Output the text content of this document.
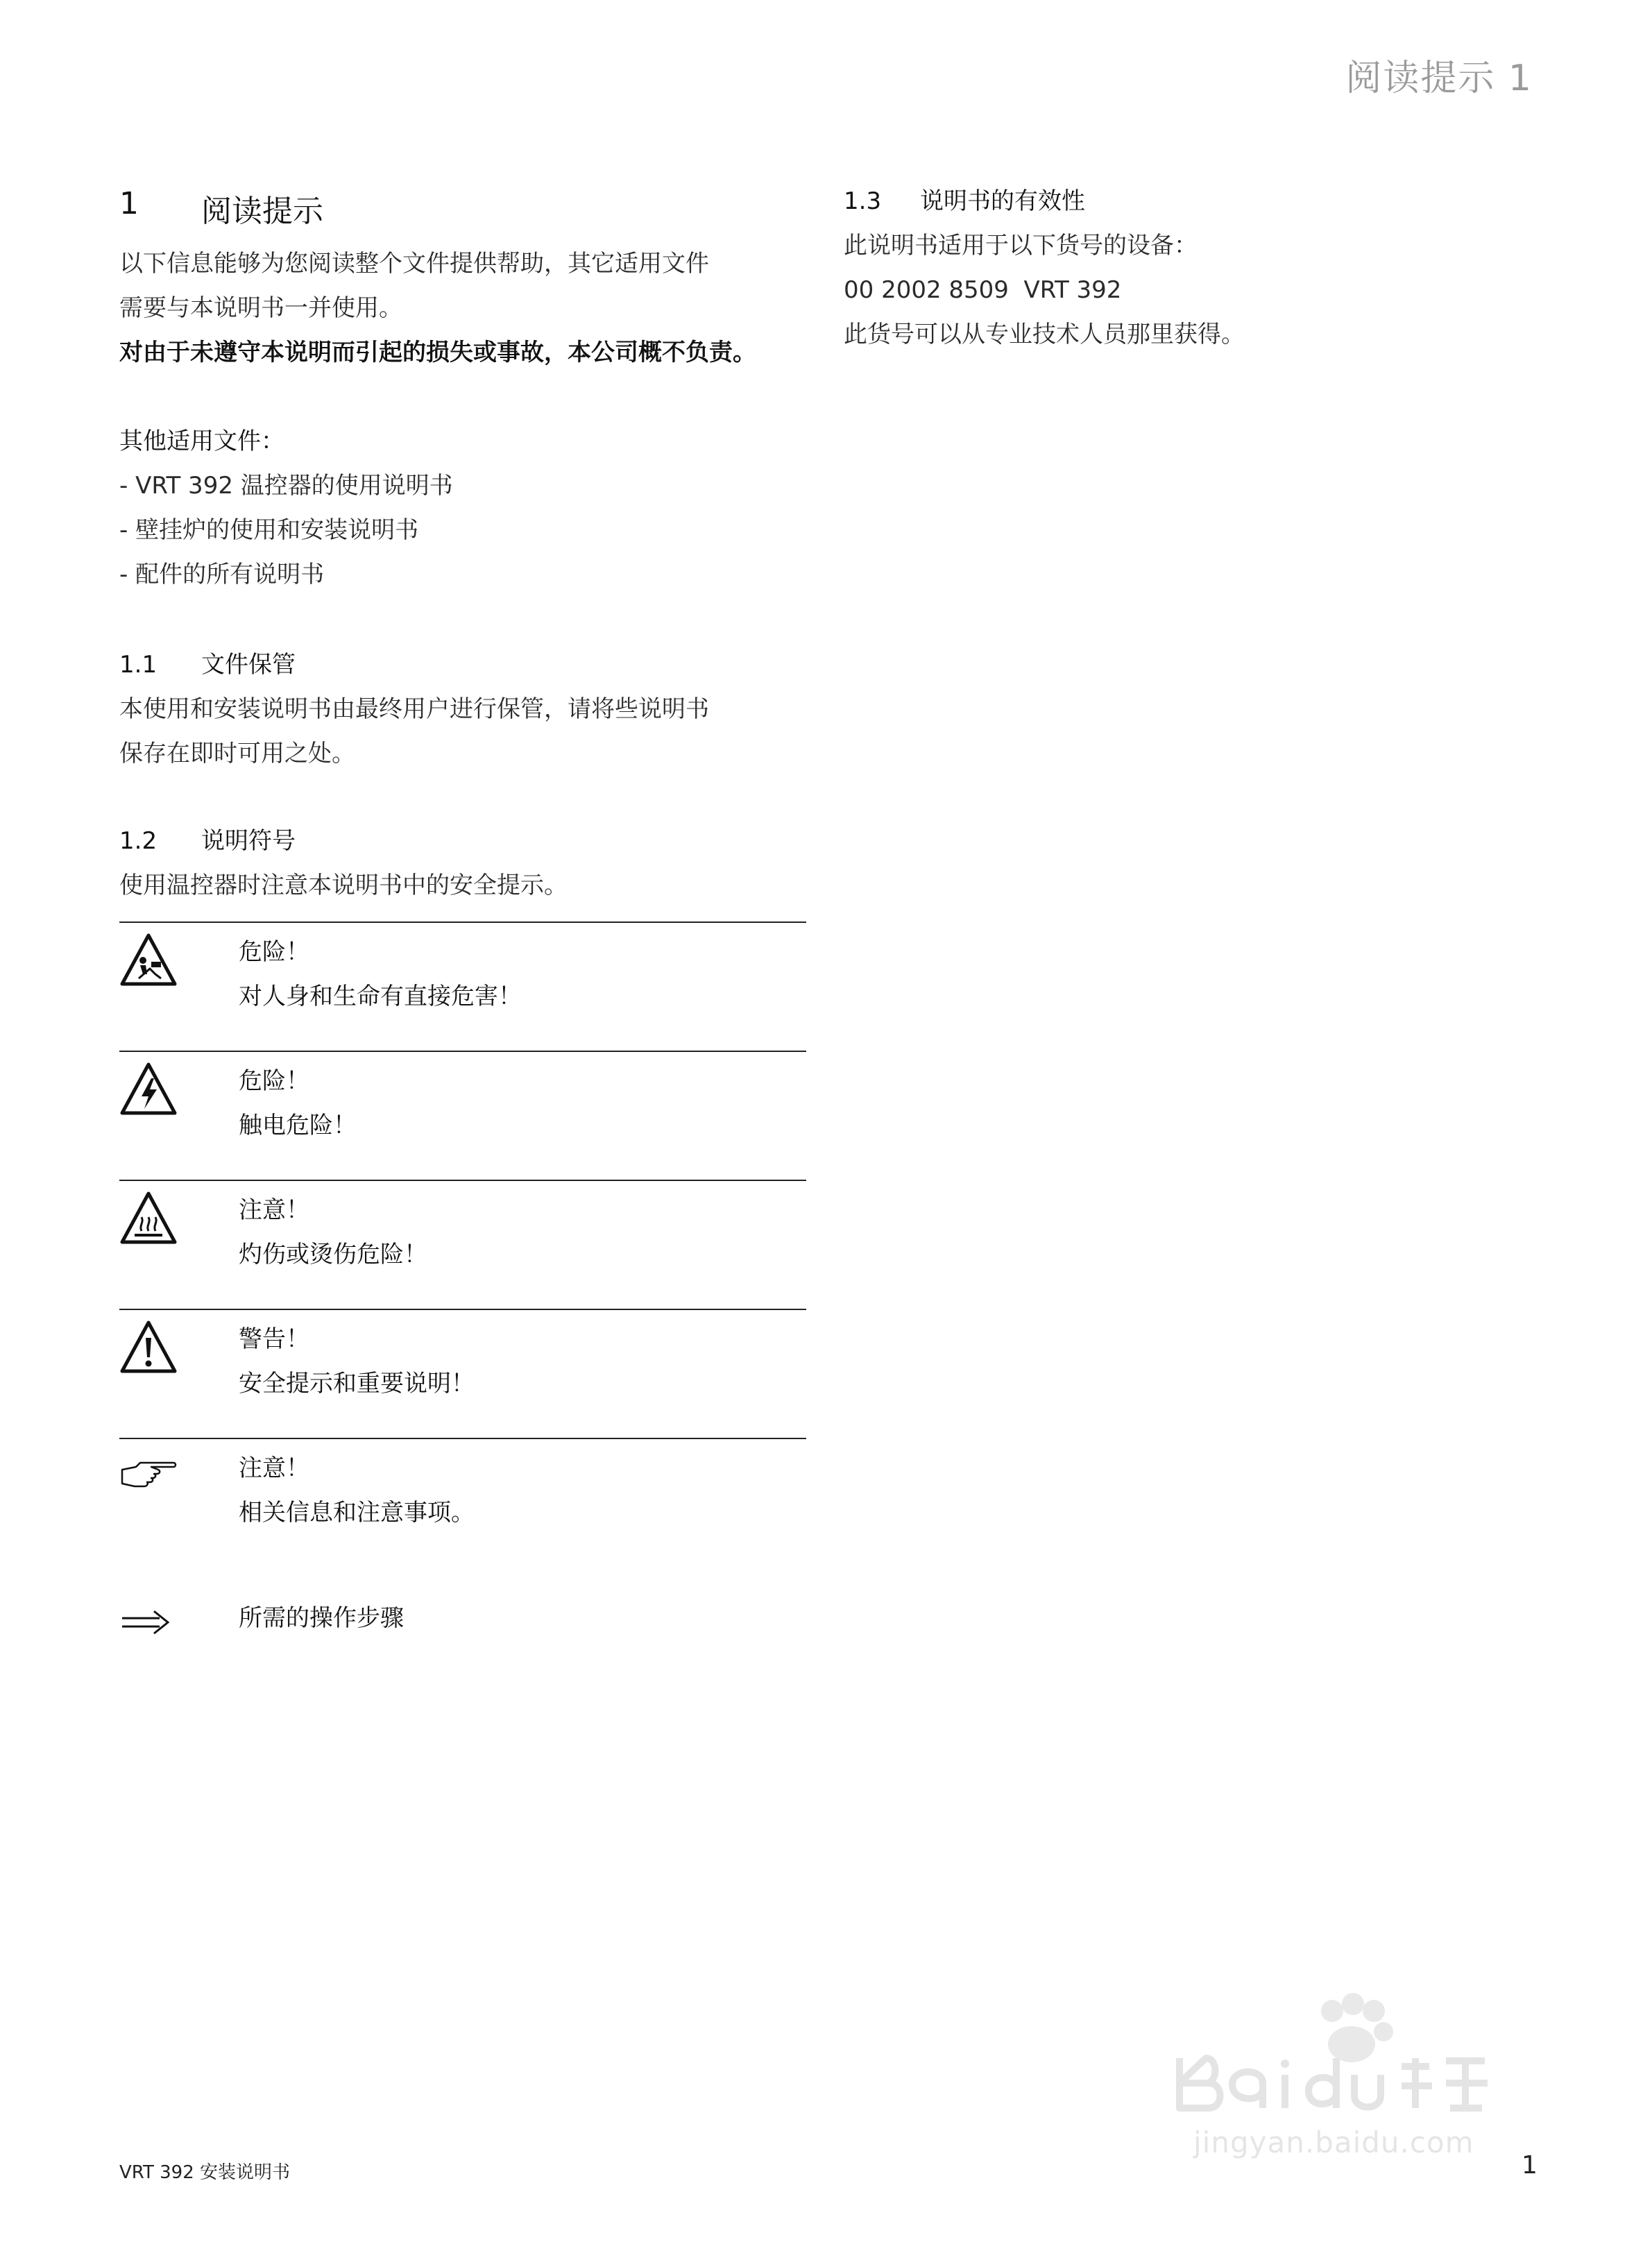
阅读提示 1
1	阅读提示
以下信息能够为您阅读整个文件提供帮助，其它适用文件
需要与本说明书一并使用。
对由于未遵守本说明而引起的损失或事故，本公司概不负责。
其他适用文件：
- VRT 392 温控器的使用说明书
- 壁挂炉的使用和安装说明书
- 配件的所有说明书
1.1	文件保管
本使用和安装说明书由最终用户进行保管，请将些说明书
保存在即时可用之处。
1.2	说明符号
使用温控器时注意本说明书中的安全提示。
危险！
对人身和生命有直接危害！
危险！
触电危险！
注意！
灼伤或烫伤危险！
警告！
安全提示和重要说明！
注意！
相关信息和注意事项。
所需的操作步骤
1.3	说明书的有效性
此说明书适用于以下货号的设备：
00 2002 8509  VRT 392
此货号可以从专业技术人员那里获得。
jingyan.baidu.com
VRT 392 安装说明书	1
